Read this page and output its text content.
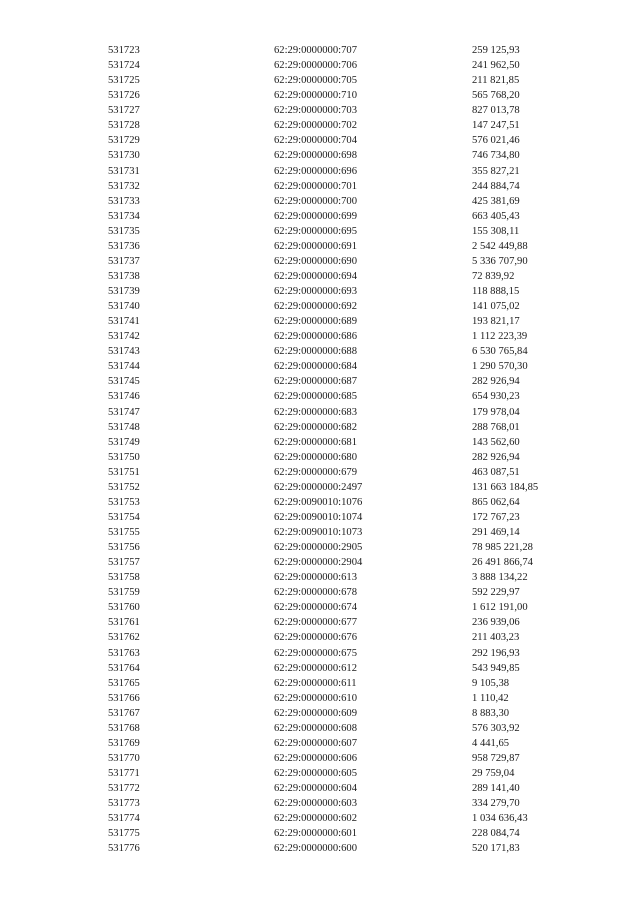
531723	62:29:0000000:707	259 125,93
531724	62:29:0000000:706	241 962,50
531725	62:29:0000000:705	211 821,85
531726	62:29:0000000:710	565 768,20
531727	62:29:0000000:703	827 013,78
531728	62:29:0000000:702	147 247,51
531729	62:29:0000000:704	576 021,46
531730	62:29:0000000:698	746 734,80
531731	62:29:0000000:696	355 827,21
531732	62:29:0000000:701	244 884,74
531733	62:29:0000000:700	425 381,69
531734	62:29:0000000:699	663 405,43
531735	62:29:0000000:695	155 308,11
531736	62:29:0000000:691	2 542 449,88
531737	62:29:0000000:690	5 336 707,90
531738	62:29:0000000:694	72 839,92
531739	62:29:0000000:693	118 888,15
531740	62:29:0000000:692	141 075,02
531741	62:29:0000000:689	193 821,17
531742	62:29:0000000:686	1 112 223,39
531743	62:29:0000000:688	6 530 765,84
531744	62:29:0000000:684	1 290 570,30
531745	62:29:0000000:687	282 926,94
531746	62:29:0000000:685	654 930,23
531747	62:29:0000000:683	179 978,04
531748	62:29:0000000:682	288 768,01
531749	62:29:0000000:681	143 562,60
531750	62:29:0000000:680	282 926,94
531751	62:29:0000000:679	463 087,51
531752	62:29:0000000:2497	131 663 184,85
531753	62:29:0090010:1076	865 062,64
531754	62:29:0090010:1074	172 767,23
531755	62:29:0090010:1073	291 469,14
531756	62:29:0000000:2905	78 985 221,28
531757	62:29:0000000:2904	26 491 866,74
531758	62:29:0000000:613	3 888 134,22
531759	62:29:0000000:678	592 229,97
531760	62:29:0000000:674	1 612 191,00
531761	62:29:0000000:677	236 939,06
531762	62:29:0000000:676	211 403,23
531763	62:29:0000000:675	292 196,93
531764	62:29:0000000:612	543 949,85
531765	62:29:0000000:611	9 105,38
531766	62:29:0000000:610	1 110,42
531767	62:29:0000000:609	8 883,30
531768	62:29:0000000:608	576 303,92
531769	62:29:0000000:607	4 441,65
531770	62:29:0000000:606	958 729,87
531771	62:29:0000000:605	29 759,04
531772	62:29:0000000:604	289 141,40
531773	62:29:0000000:603	334 279,70
531774	62:29:0000000:602	1 034 636,43
531775	62:29:0000000:601	228 084,74
531776	62:29:0000000:600	520 171,83
